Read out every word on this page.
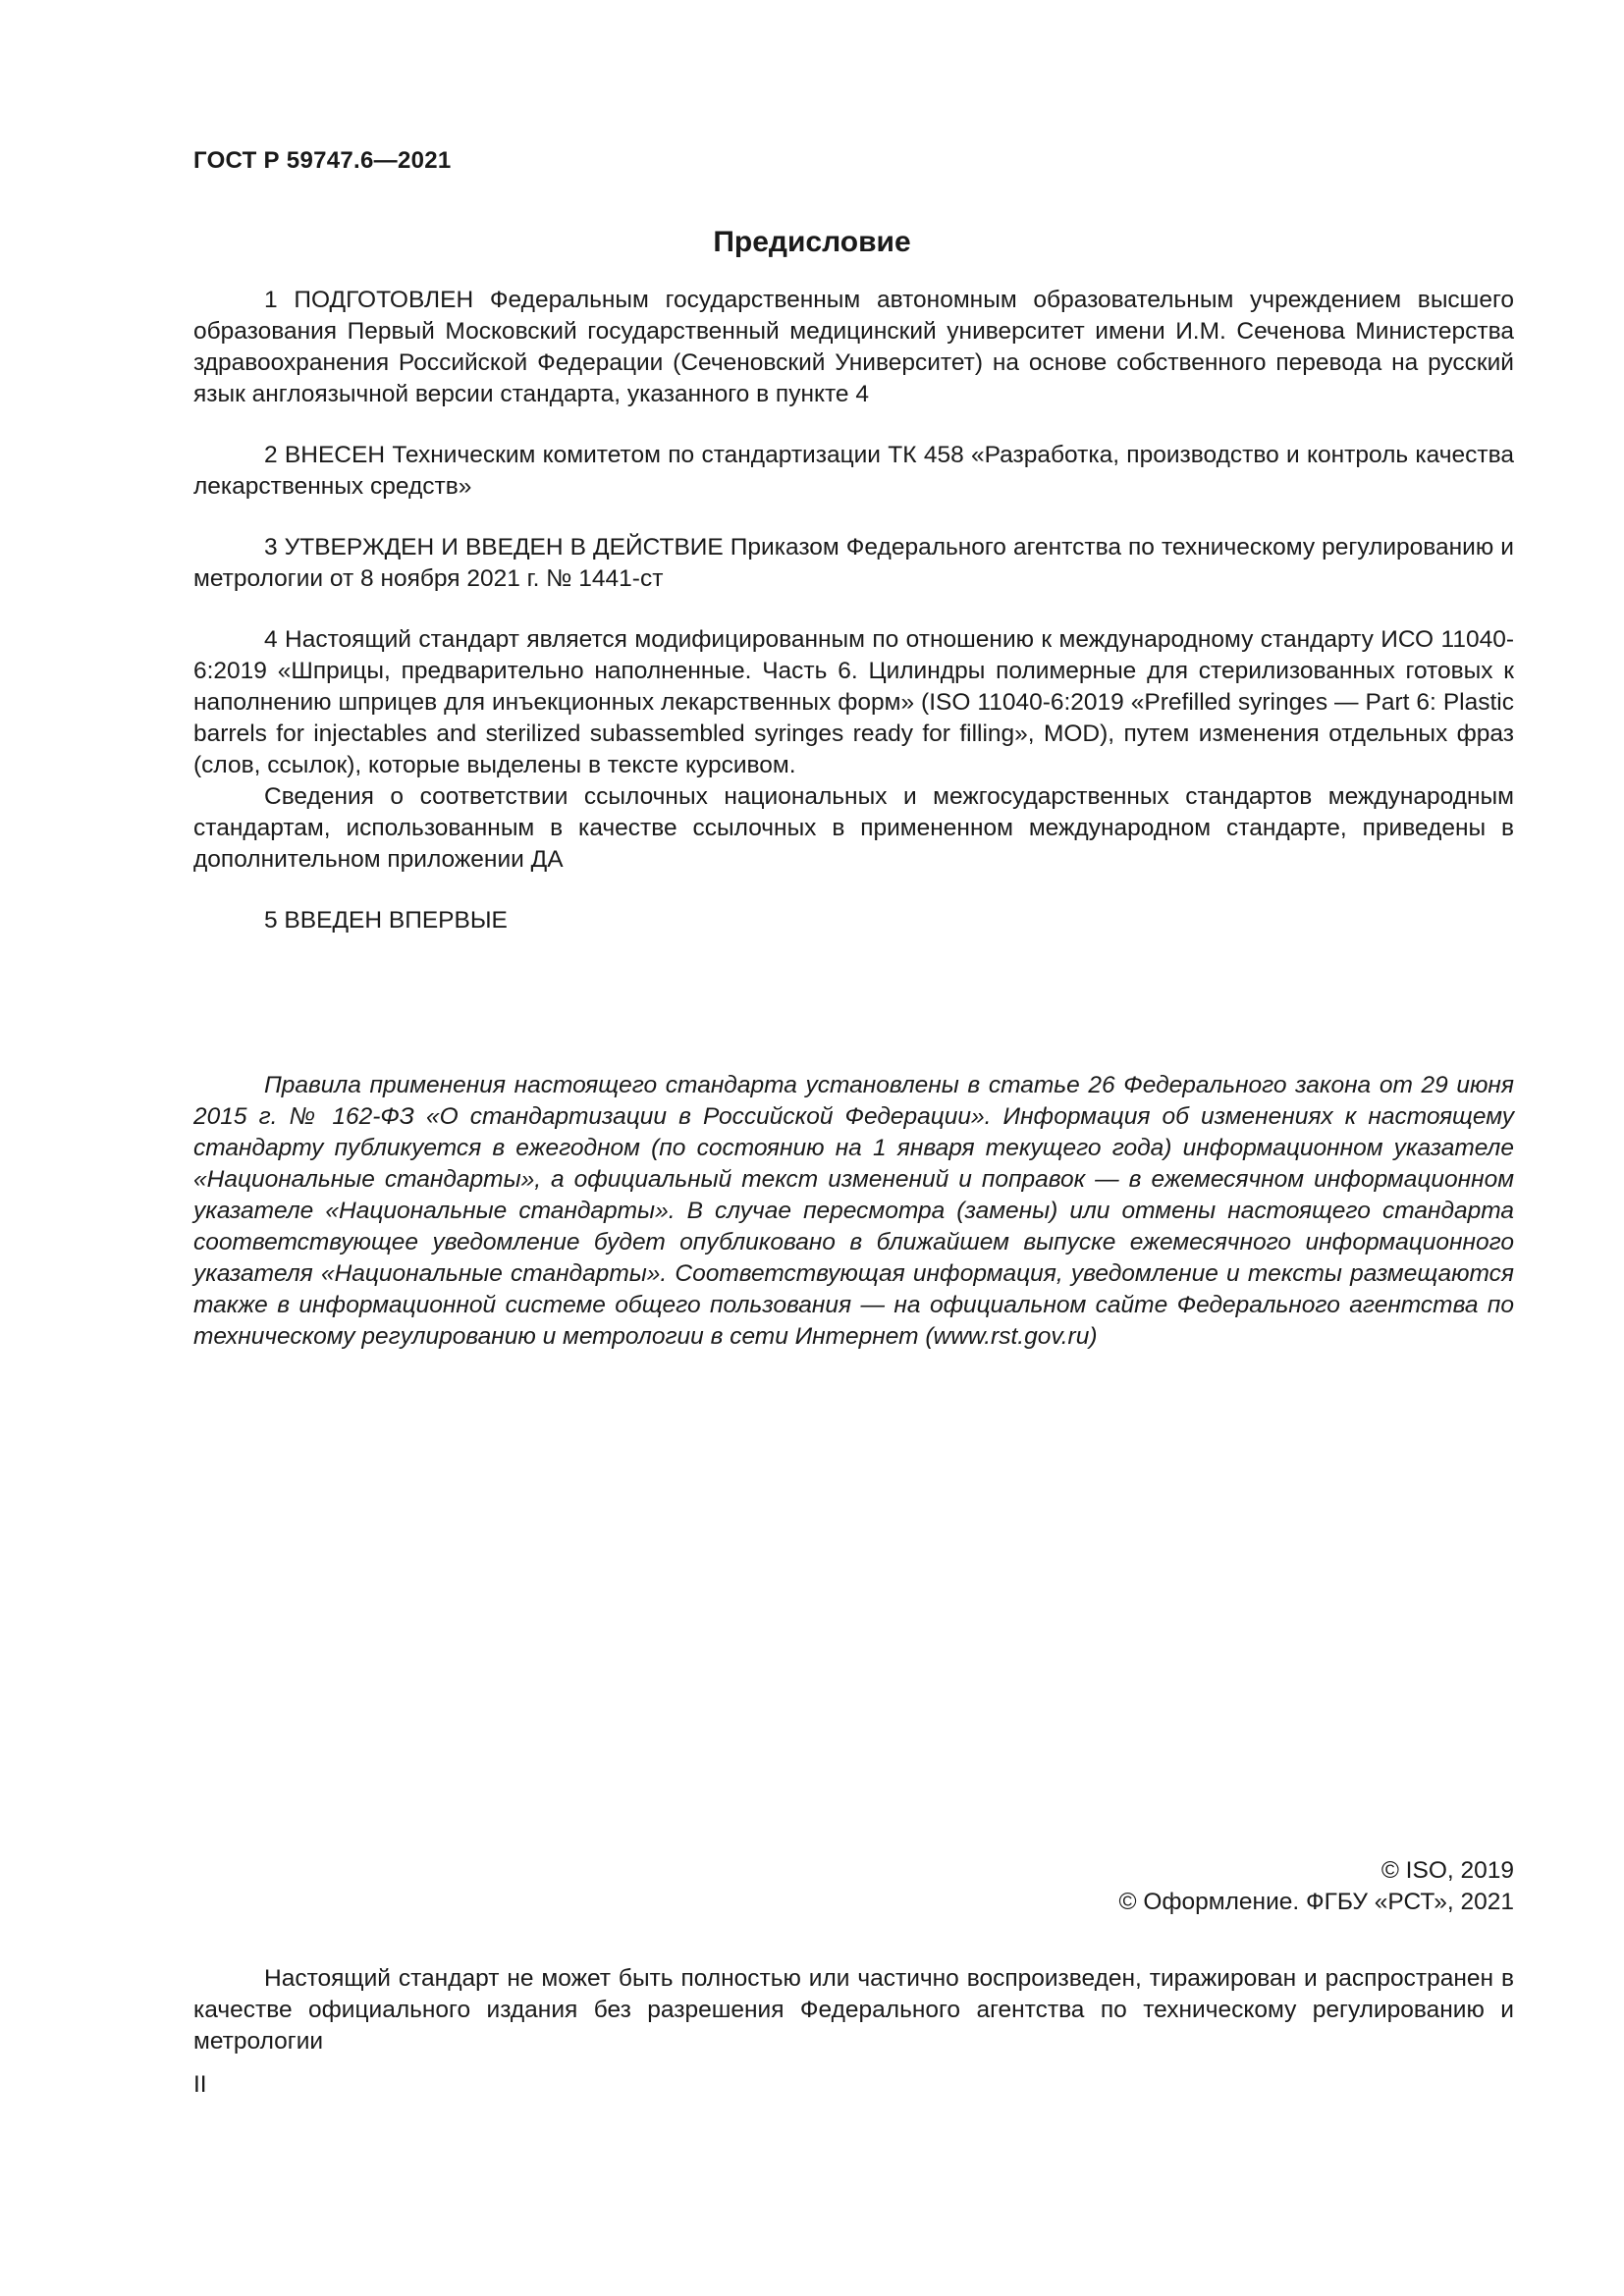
ГОСТ Р 59747.6—2021
Предисловие

1 ПОДГОТОВЛЕН Федеральным государственным автономным образовательным учреждением высшего образования Первый Московский государственный медицинский университет имени И.М. Сеченова Министерства здравоохранения Российской Федерации (Сеченовский Университет) на основе собственного перевода на русский язык англоязычной версии стандарта, указанного в пункте 4

2 ВНЕСЕН Техническим комитетом по стандартизации ТК 458 «Разработка, производство и контроль качества лекарственных средств»

3 УТВЕРЖДЕН И ВВЕДЕН В ДЕЙСТВИЕ Приказом Федерального агентства по техническому регулированию и метрологии от 8 ноября 2021 г. № 1441-ст

4 Настоящий стандарт является модифицированным по отношению к международному стандарту ИСО 11040-6:2019 «Шприцы, предварительно наполненные. Часть 6. Цилиндры полимерные для стерилизованных готовых к наполнению шприцев для инъекционных лекарственных форм» (ISO 11040-6:2019 «Prefilled syringes — Part 6: Plastic barrels for injectables and sterilized subassembled syringes ready for filling», MOD), путем изменения отдельных фраз (слов, ссылок), которые выделены в тексте курсивом.

Сведения о соответствии ссылочных национальных и межгосударственных стандартов международным стандартам, использованным в качестве ссылочных в примененном международном стандарте, приведены в дополнительном приложении ДА

5 ВВЕДЕН ВПЕРВЫЕ

Правила применения настоящего стандарта установлены в статье 26 Федерального закона от 29 июня 2015 г. № 162-ФЗ «О стандартизации в Российской Федерации». Информация об изменениях к настоящему стандарту публикуется в ежегодном (по состоянию на 1 января текущего года) информационном указателе «Национальные стандарты», а официальный текст изменений и поправок — в ежемесячном информационном указателе «Национальные стандарты». В случае пересмотра (замены) или отмены настоящего стандарта соответствующее уведомление будет опубликовано в ближайшем выпуске ежемесячного информационного указателя «Национальные стандарты». Соответствующая информация, уведомление и тексты размещаются также в информационной системе общего пользования — на официальном сайте Федерального агентства по техническому регулированию и метрологии в сети Интернет (www.rst.gov.ru)

© ISO, 2019
© Оформление. ФГБУ «РСТ», 2021

Настоящий стандарт не может быть полностью или частично воспроизведен, тиражирован и распространен в качестве официального издания без разрешения Федерального агентства по техническому регулированию и метрологии

II
